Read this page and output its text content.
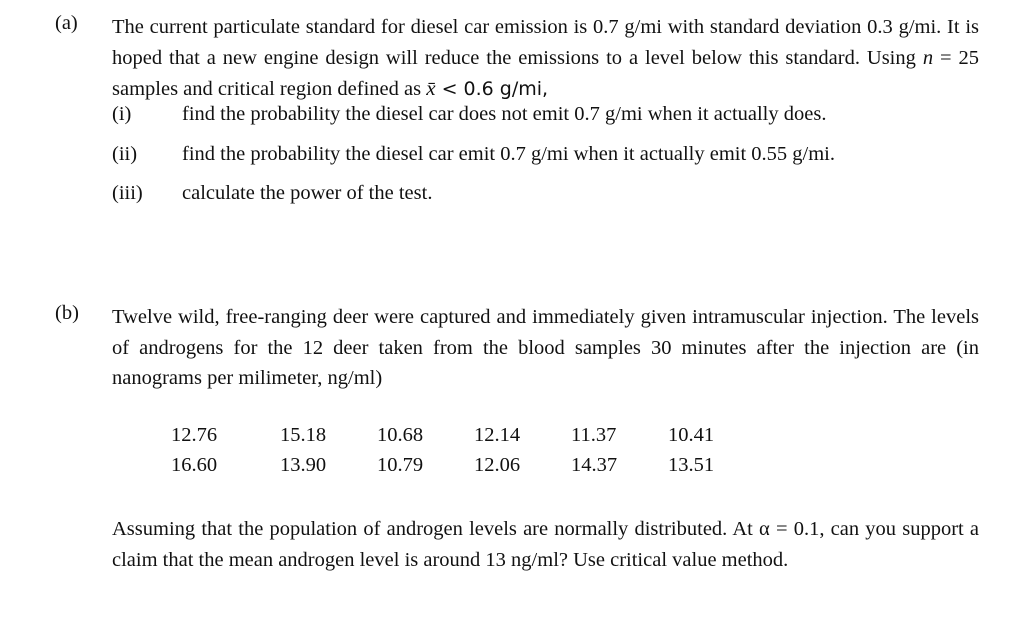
(a) The current particulate standard for diesel car emission is 0.7 g/mi with standard deviation 0.3 g/mi. It is hoped that a new engine design will reduce the emissions to a level below this standard. Using n = 25 samples and critical region defined as x̄ < 0.6 g/mi,
(i) find the probability the diesel car does not emit 0.7 g/mi when it actually does.
(ii) find the probability the diesel car emit 0.7 g/mi when it actually emit 0.55 g/mi.
(iii) calculate the power of the test.
(b) Twelve wild, free-ranging deer were captured and immediately given intramuscular injection. The levels of androgens for the 12 deer taken from the blood samples 30 minutes after the injection are (in nanograms per milimeter, ng/ml)
12.76	15.18 10.68 12.14 11.37	10.41
16.60	13.90 10.79 12.06 14.37 13.51
Assuming that the population of androgen levels are normally distributed. At α = 0.1, can you support a claim that the mean androgen level is around 13 ng/ml? Use critical value method.
